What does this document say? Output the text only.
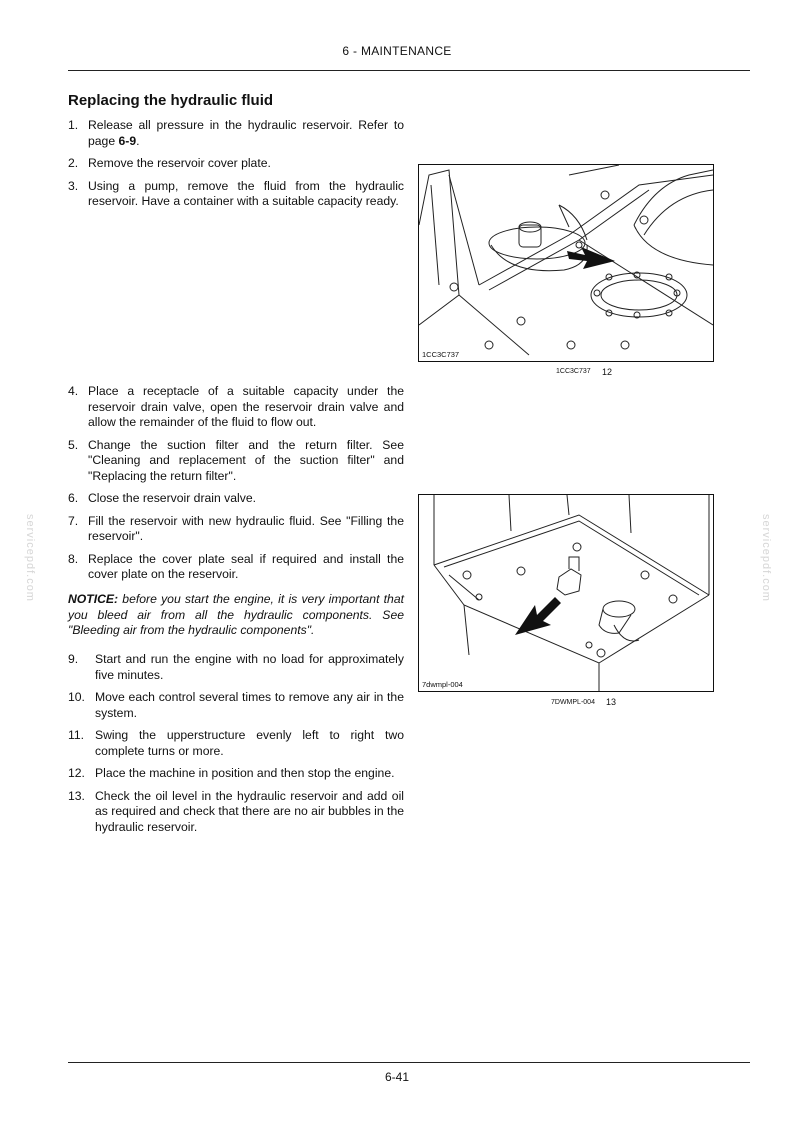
6 - MAINTENANCE
Replacing the hydraulic fluid
1. Release all pressure in the hydraulic reservoir. Refer to page 6-9.
2. Remove the reservoir cover plate.
3. Using a pump, remove the fluid from the hydraulic reservoir. Have a container with a suitable capacity ready.
1CC3C737
1CC3C737 12
4. Place a receptacle of a suitable capacity under the reservoir drain valve, open the reservoir drain valve and allow the remainder of the fluid to flow out.
5. Change the suction filter and the return filter. See "Cleaning and replacement of the suction filter" and "Replacing the return filter".
6. Close the reservoir drain valve.
7. Fill the reservoir with new hydraulic fluid. See "Filling the reservoir".
8. Replace the cover plate seal if required and install the cover plate on the reservoir.
7dwmpl-004
7DWMPL-004 13
NOTICE: before you start the engine, it is very important that you bleed air from all the hydraulic components. See "Bleeding air from the hydraulic components".
9. Start and run the engine with no load for approximately five minutes.
10. Move each control several times to remove any air in the system.
11. Swing the upperstructure evenly left to right two complete turns or more.
12. Place the machine in position and then stop the engine.
13. Check the oil level in the hydraulic reservoir and add oil as required and check that there are no air bubbles in the hydraulic reservoir.
servicepdf.com	servicepdf.com
6-41
